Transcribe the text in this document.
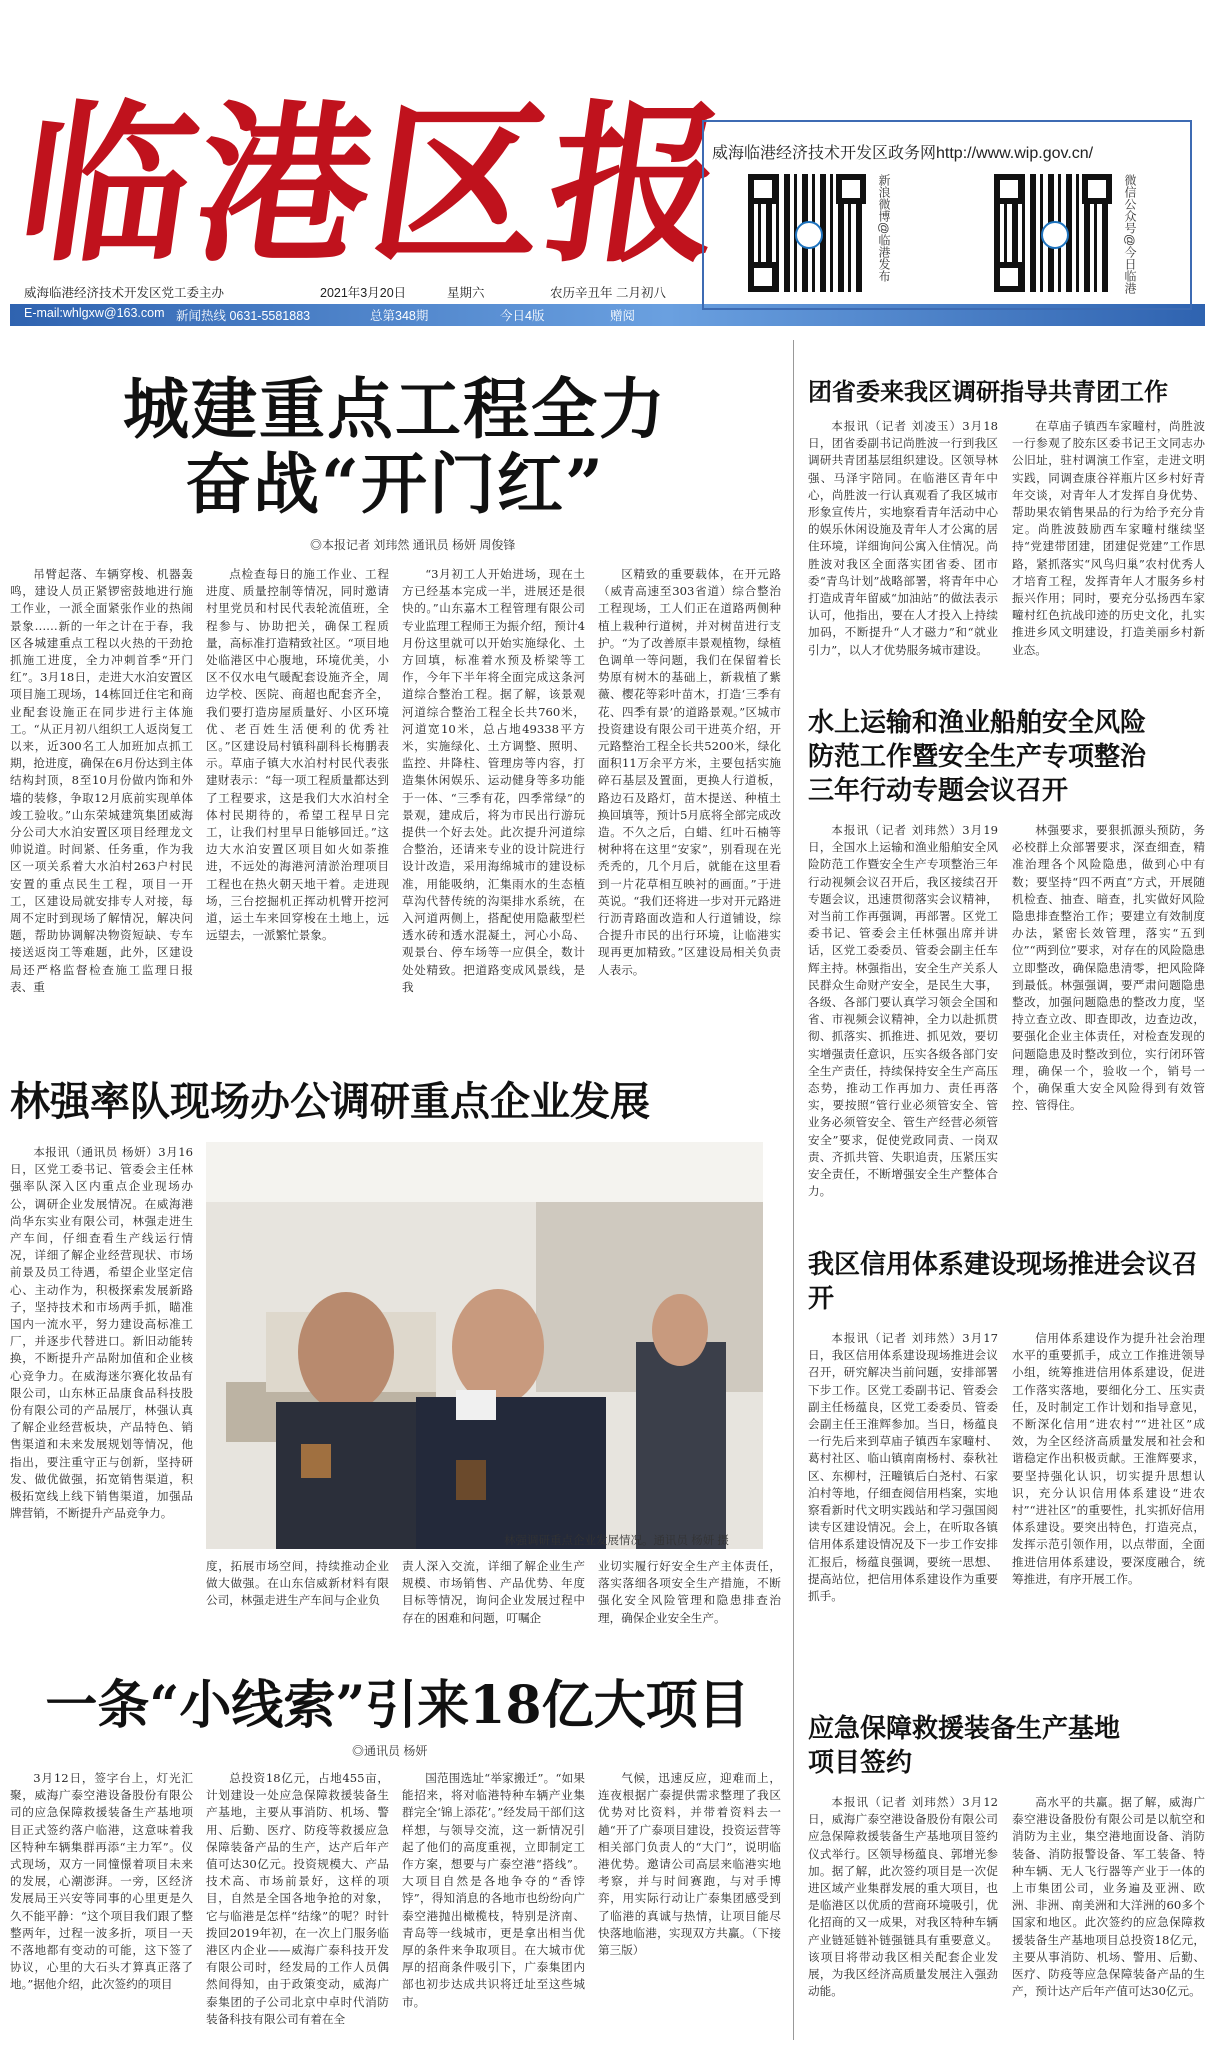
临港区报
威海临港经济技术开发区政务网http://www.wip.gov.cn/
新浪微博@临港发布	微信公众号@今日临港
威海临港经济技术开发区党工委主办	2021年3月20日	星期六	农历辛丑年 二月初八
E-mail:whlgxw@163.com 新闻热线 0631-5581883	总第348期	今日4版	赠阅
城建重点工程全力
奋战“开门红”
◎本报记者 刘玮然 通讯员 杨妍 周俊锋

吊臂起落、车辆穿梭、机器轰鸣，建设人员正紧锣密鼓地进行施工作业，一派全面紧张作业的热闹景象……新的一年之计在于春，我区各城建重点工程以火热的干劲抢抓施工进度，全力冲刺首季“开门红”。3月18日，走进大水泊安置区项目施工现场，14栋回迁住宅和商业配套设施正在同步进行主体施工。“从正月初八组织工人返岗复工以来，近300名工人加班加点抓工期，抢进度，确保在6月份达到主体结构封顶，8至10月份做内饰和外墙的装修，争取12月底前实现单体竣工验收。”山东荣城建筑集团威海分公司大水泊安置区项目经理龙文帅说道。时间紧、任务重，作为我区一项关系着大水泊村263户村民安置的重点民生工程，项目一开工，区建设局就安排专人对接，每周不定时到现场了解情况，解决问题，帮助协调解决物资短缺、专车接送返岗工等难题，此外，区建设局还严格监督检查施工监理日报表、重

点检查每日的施工作业、工程进度、质量控制等情况，同时邀请村里党员和村民代表轮流值班，全程参与、协助把关，确保工程质量，高标准打造精致社区。“项目地处临港区中心腹地，环境优美，小区不仅水电气暖配套设施齐全，周边学校、医院、商超也配套齐全，我们要打造房屋质量好、小区环境优、老百姓生活便利的优秀社区。”区建设局村镇科副科长梅鹏表示。草庙子镇大水泊村村民代表张建财表示：“每一项工程质量都达到了工程要求，这是我们大水泊村全体村民期待的，希望工程早日完工，让我们村里早日能够回迁。”这边大水泊安置区项目如火如荼推进，不远处的海港河清淤治理项目工程也在热火朝天地干着。走进现场，三台挖掘机正挥动机臂开挖河道，运土车来回穿梭在土地上，远远望去，一派繁忙景象。

“3月初工人开始进场，现在土方已经基本完成一半，进展还是很快的。”山东嘉木工程管理有限公司专业监理工程师王为振介绍，预计4月份这里就可以开始实施绿化、土方回填，标准着水预及桥梁等工作，今年下半年将全面完成这条河道综合整治工程。据了解，该景观河道综合整治工程全长共760米，河道宽10米，总占地49338平方米，实施绿化、土方调整、照明、监控、井降柱、管理房等内容，打造集休闲娱乐、运动健身等多功能于一体、“三季有花，四季常绿”的景观，建成后，将为市民出行游玩提供一个好去处。此次提升河道综合整治，还请来专业的设计院进行设计改造，采用海绵城市的建设标准，用能吸纳，汇集雨水的生态植草沟代替传统的沟渠排水系统，在入河道两侧上，搭配使用隐蔽型栏透水砖和透水混凝土，河心小岛、观景台、停车场等一应俱全，数计处处精致。把道路变成风景线，是我

区精致的重要载体，在开元路（威青高速至303省道）综合整治工程现场，工人们正在道路两侧种植上栽种行道树，并对树苗进行支护。“为了改善原丰景观植物，绿植色调单一等问题，我们在保留着长势原有树木的基础上，新栽植了紫薇、樱花等彩叶苗木，打造‘三季有花、四季有景’的道路景观。”区城市投资建设有限公司干进英介绍，开元路整治工程全长共5200米，绿化面积11万余平方米，主要包括实施碎石基层及置面，更换人行道板，路边石及路灯，苗木提送、种植土换回填等，预计5月底将全部完成改造。不久之后，白蜡、红叶石楠等树种将在这里“安家”，别看现在光秃秃的，几个月后，就能在这里看到一片花草相互映衬的画面。”于进英说。“我们还将进一步对开元路进行沥青路面改造和人行道铺设，综合提升市民的出行环境，让临港实现再更加精致。”区建设局相关负责人表示。

团省委来我区调研指导共青团工作

本报讯（记者 刘凌玉）3月18日，团省委副书记尚胜波一行到我区调研共青团基层组织建设。区领导林强、马泽宇陪同。在临港区青年中心，尚胜波一行认真观看了我区城市形象宣传片，实地察看青年活动中心的娱乐休闲设施及青年人才公寓的居住环境，详细询问公寓入住情况。尚胜波对我区全面落实团省委、团市委“青鸟计划”战略部署，将青年中心打造成青年留威“加油站”的做法表示认可，他指出，要在人才投入上持续加码，不断提升“人才磁力”和“就业引力”，以人才优势服务城市建设。

在草庙子镇西车家疃村，尚胜波一行参观了胶东区委书记王文同志办公旧址，驻村调演工作室，走进文明实践，同调查康谷祥瓶片区乡村好青年交谈，对青年人才发挥自身优势、帮助果农销售果品的行为给予充分肯定。尚胜波鼓励西车家疃村继续坚持“党建带团建，团建促党建”工作思路，紧抓落实“风鸟归巢”农村优秀人才培育工程，发挥青年人才服务乡村振兴作用；同时，要充分弘扬西车家疃村红色抗战印迹的历史文化，扎实推进乡风文明建设，打造美丽乡村新业态。

水上运输和渔业船舶安全风险
防范工作暨安全生产专项整治
三年行动专题会议召开

本报讯（记者 刘玮然）3月19日，全国水上运输和渔业船舶安全风险防范工作暨安全生产专项整治三年行动视频会议召开后，我区接续召开专题会议，迅速贯彻落实会议精神，对当前工作再强调，再部署。区党工委书记、管委会主任林强出席并讲话，区党工委委员、管委会副主任车辉主持。林强指出，安全生产关系人民群众生命财产安全，是民生大事，各级、各部门要认真学习领会全国和省、市视频会议精神，全力以赴抓贯彻、抓落实、抓推进、抓见效，要切实增强责任意识，压实各级各部门安全生产责任，持续保持安全生产高压态势，推动工作再加力、责任再落实，要按照“管行业必须管安全、管业务必须管安全、管生产经营必须管安全”要求，促使党政同责、一岗双责、齐抓共管、失职追责，压紧压实安全责任，不断增强安全生产整体合力。

林强要求，要狠抓源头预防，务必校群上众部署要求，深查细查，精准治理各个风险隐患，做到心中有数；要坚持“四不两直”方式，开展随机检查、抽查、暗查，扎实做好风险隐患排查整治工作；要建立有效制度办法，紧密长效管理，落实“五到位”“两到位”要求，对存在的风险隐患立即整改，确保隐患清零，把风险降到最低。林强强调，要严肃问题隐患整改，加强问题隐患的整改力度，坚持立查立改、即查即改，边查边改，要强化企业主体责任，对检查发现的问题隐患及时整改到位，实行闭环管理，确保一个，验收一个，销号一个，确保重大安全风险得到有效管控、管得住。

林强率队现场办公调研重点企业发展

本报讯（通讯员 杨妍）3月16日，区党工委书记、管委会主任林强率队深入区内重点企业现场办公，调研企业发展情况。在威海港尚华东实业有限公司，林强走进生产车间，仔细查看生产线运行情况，详细了解企业经营现状、市场前景及员工待遇，希望企业坚定信心、主动作为，积极探索发展新路子，坚持技术和市场两手抓，瞄准国内一流水平，努力建设高标准工厂，并逐步代替进口。新旧动能转换，不断提升产品附加值和企业核心竞争力。在威海迷尔赛化妆品有限公司，山东林正品康食品科技股份有限公司的产品展厅，林强认真了解企业经营板块，产品特色、销售渠道和未来发展规划等情况，他指出，要注重守正与创新，坚持研发、做优做强，拓宽销售渠道，积极拓宽线上线下销售渠道，加强品牌营销，不断提升产品竞争力。

林强调研重点企业发展情况。通讯员 杨妍 摄

度，拓展市场空间，持续推动企业做大做强。在山东信威新材料有限公司，林强走进生产车间与企业负

责人深入交流，详细了解企业生产规模、市场销售、产品优势、年度目标等情况，询问企业发展过程中存在的困难和问题，叮嘱企

业切实履行好安全生产主体责任，落实落细各项安全生产措施，不断强化安全风险管理和隐患排查治理，确保企业安全生产。

我区信用体系建设现场推进会议召开

本报讯（记者 刘玮然）3月17日，我区信用体系建设现场推进会议召开，研究解决当前问题，安排部署下步工作。区党工委副书记、管委会副主任杨蕴良，区党工委委员、管委会副主任王淮辉参加。当日，杨蕴良一行先后来到草庙子镇西车家疃村、葛村社区、临山镇南南杨村、泰秋社区、东柳村，汪疃镇后白尧村、石家泊村等地，仔细查阅信用档案，实地察看新时代文明实践站和学习强国阅读专区建设情况。会上，在听取各镇信用体系建设情况及下一步工作安排汇报后，杨蕴良强调，要统一思想、提高站位，把信用体系建设作为重要抓手。

信用体系建设作为提升社会治理水平的重要抓手，成立工作推进领导小组，统筹推进信用体系建设，促进工作落实落地，要细化分工、压实责任，及时制定工作计划和指导意见，不断深化信用“进农村”“进社区”成效，为全区经济高质量发展和社会和谐稳定作出积极贡献。王淮辉要求，要坚持强化认识，切实提升思想认识，充分认识信用体系建设“进农村”“进社区”的重要性，扎实抓好信用体系建设。要突出特色，打造亮点，发挥示范引领作用，以点带面，全面推进信用体系建设，要深度融合，统筹推进，有序开展工作。

一条“小线索”引来18亿大项目
◎通讯员 杨妍

3月12日，签字台上，灯光汇聚，威海广泰空港设备股份有限公司的应急保障救援装备生产基地项目正式签约落户临港，这意味着我区特种车辆集群再添“主力军”。仪式现场，双方一同憧憬着项目未来的发展，心潮澎湃。一旁，区经济发展局王兴安等同事的心里更是久久不能平静：“这个项目我们跟了整整两年，过程一波多折，项目一天不落地都有变动的可能，这下签了协议，心里的大石头才算真正落了地。”据他介绍，此次签约的项目

总投资18亿元，占地455亩，计划建设一处应急保障救援装备生产基地，主要从事消防、机场、警用、后勤、医疗、防疫等救援应急保障装备产品的生产，达产后年产值可达30亿元。投资规模大、产品技术高、市场前景好，这样的项目，自然是全国各地争抢的对象，它与临港是怎样“结缘”的呢？时针拨回2019年初，在一次上门服务临港区内企业——威海广泰科技开发有限公司时，经发局的工作人员偶然间得知，由于政策变动，威海广泰集团的子公司北京中卓时代消防装备科技有限公司有着在全

国范围选址“举家搬迁”。“如果能招来，将对临港特种车辆产业集群完全‘锦上添花’。”经发局干部们这样想，与领导交流，这一新情况引起了他们的高度重视，立即制定工作方案，想要与广泰空港“搭线”。大项目自然是各地争夺的“香饽饽”，得知消息的各地市也纷纷向广泰空港抛出橄榄枝，特别是济南、青岛等一线城市，更是拿出相当优厚的条件来争取项目。在大城市优厚的招商条件吸引下，广泰集团内部也初步达成共识将迁址至这些城市。

气候，迅速反应，迎难而上，连夜根据广泰提供需求整理了我区优势对比资料，并带着资料去一趟“开了广泰项目建设，投资运营等相关部门负责人的“大门”，说明临港优势。邀请公司高层来临港实地考察，并与时间赛跑，与对手博弈，用实际行动让广泰集团感受到了临港的真诚与热情，让项目能尽快落地临港，实现双方共赢。（下接第三版）

应急保障救援装备生产基地
项目签约

本报讯（记者 刘玮然）3月12日，威海广泰空港设备股份有限公司应急保障救援装备生产基地项目签约仪式举行。区领导杨蕴良、郭增光参加。据了解，此次签约项目是一次促进区域产业集群发展的重大项目，也是临港区以优质的营商环境吸引，优化招商的又一成果，对我区特种车辆产业链延链补链强链具有重要意义。该项目将带动我区相关配套企业发展，为我区经济高质量发展注入强劲动能。

高水平的共赢。据了解，威海广泰空港设备股份有限公司是以航空和消防为主业，集空港地面设备、消防装备、消防报警设备、军工装备、特种车辆、无人飞行器等产业于一体的上市集团公司，业务遍及亚洲、欧洲、非洲、南美洲和大洋洲的60多个国家和地区。此次签约的应急保障救援装备生产基地项目总投资18亿元，主要从事消防、机场、警用、后勤、医疗、防疫等应急保障装备产品的生产，预计达产后年产值可达30亿元。
